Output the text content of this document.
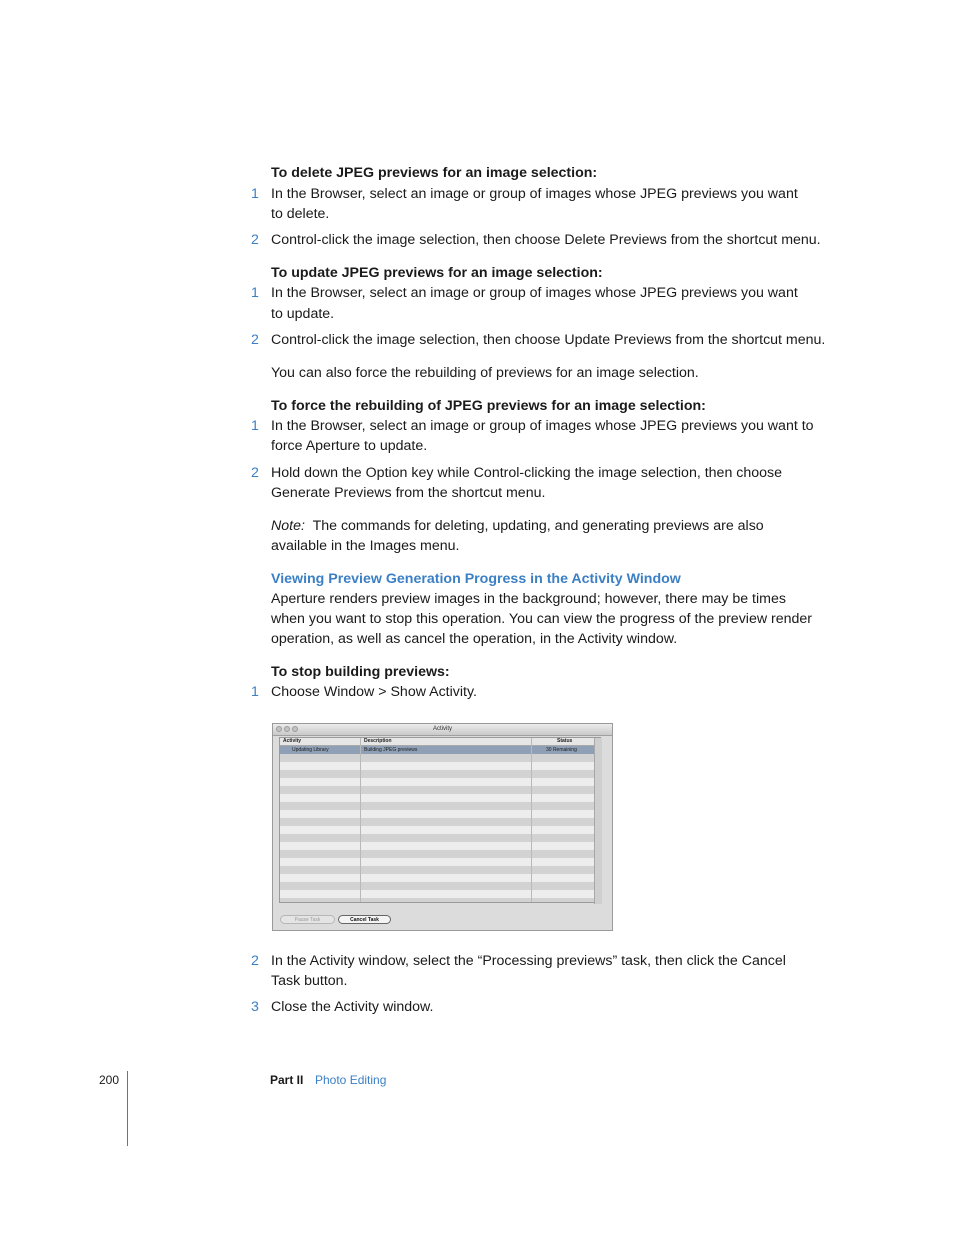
To delete JPEG previews for an image selection:
1 In the Browser, select an image or group of images whose JPEG previews you want
to delete.
2 Control-click the image selection, then choose Delete Previews from the shortcut menu.
To update JPEG previews for an image selection:
1 In the Browser, select an image or group of images whose JPEG previews you want
to update.
2 Control-click the image selection, then choose Update Previews from the shortcut menu.
You can also force the rebuilding of previews for an image selection.
To force the rebuilding of JPEG previews for an image selection:
1 In the Browser, select an image or group of images whose JPEG previews you want to
force Aperture to update.
2 Hold down the Option key while Control-clicking the image selection, then choose
Generate Previews from the shortcut menu.
Note: The commands for deleting, updating, and generating previews are also
available in the Images menu.
Viewing Preview Generation Progress in the Activity Window
Aperture renders preview images in the background; however, there may be times
when you want to stop this operation. You can view the progress of the preview render
operation, as well as cancel the operation, in the Activity window.
To stop building previews:
1 Choose Window > Show Activity.
Activity
Activity	Description	Status
Updating Library	Building JPEG previews	30 Remaining
Pause Task	Cancel Task
2 In the Activity window, select the “Processing previews” task, then click the Cancel
Task button.
3 Close the Activity window.
200	Part II Photo Editing
